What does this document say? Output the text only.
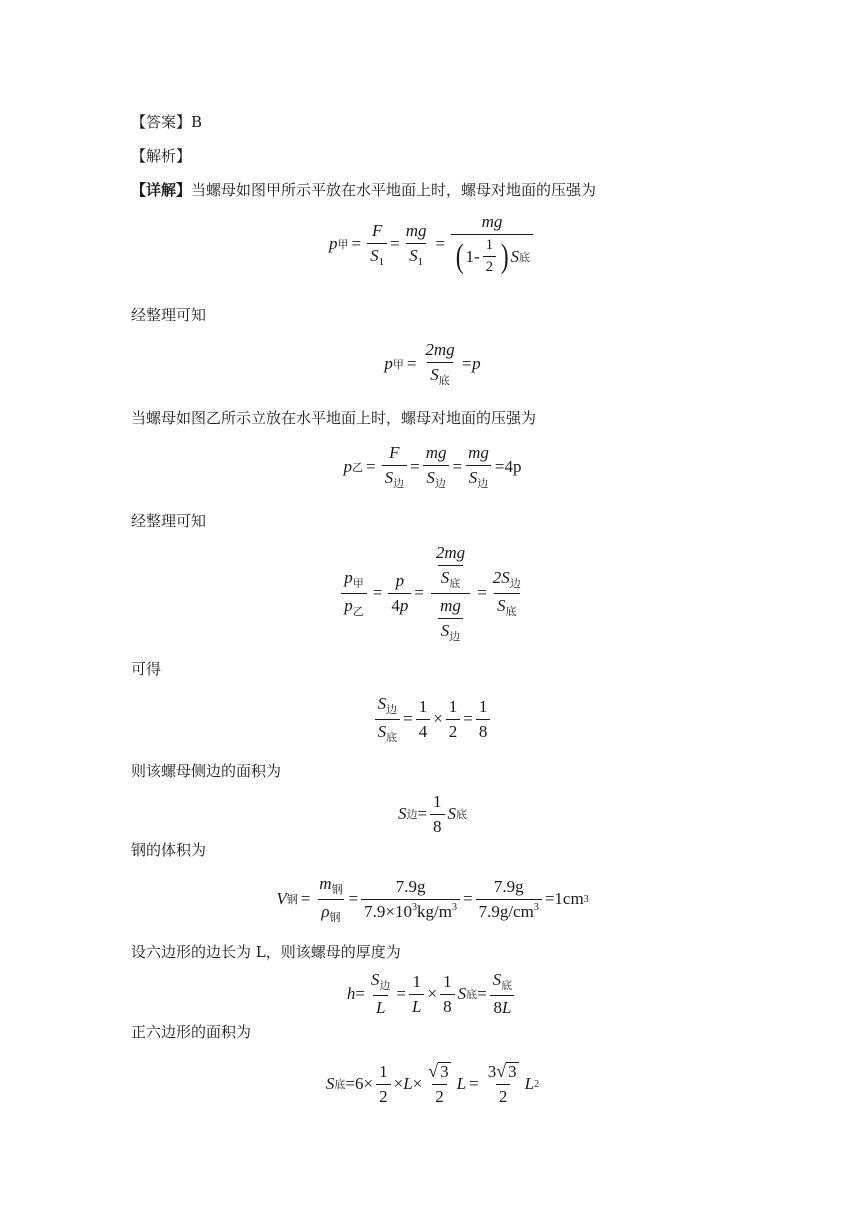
【答案】B
【解析】
【详解】当螺母如图甲所示平放在水平地面上时，螺母对地面的压强为
p 甲 = $\frac{F}{S_1} = \frac{mg}{S_1} = \frac{mg}{( 1- \frac{1}{2} ) S 底}$
经整理可知
p 甲 = $\frac{2mg}{S_底} =p$
当螺母如图乙所示立放在水平地面上时，螺母对地面的压强为
p 乙 = $\frac{F}{S_边} = \frac{mg}{S_边} = \frac{mg}{S_边} =4p$
经整理可知
$\frac{p_甲}{p_乙} = \frac{p}{4p} = \frac{\frac{2mg}{S_底}}{\frac{mg}{S_边}} = \frac{2S_边}{S_底}$
可得
$\frac{S_边}{S_底} = \frac{1}{4} \times \frac{1}{2} = \frac{1}{8}$
则该螺母侧边的面积为
S 边 = $\frac{1}{8}$ S 底
钢的体积为
V 钢 = $\frac{m_钢}{\rho_钢} = \frac{7.9g}{7.9\times 10^3kg/m^3} = \frac{7.9g}{7.9g/cm^3} =1cm$ 3
设六边形的边长为 L，则该螺母的厚度为
$h = \frac{S_边}{L} = \frac{1}{L} \times \frac{1}{8}$ S 底 = $\frac{S_底}{8L}$
正六边形的面积为
S 底 $=6 \times \frac{1}{2} \times L \times \frac{√ 3}{2}$ $L = \frac{3 √ 3}{2}$ L 2
